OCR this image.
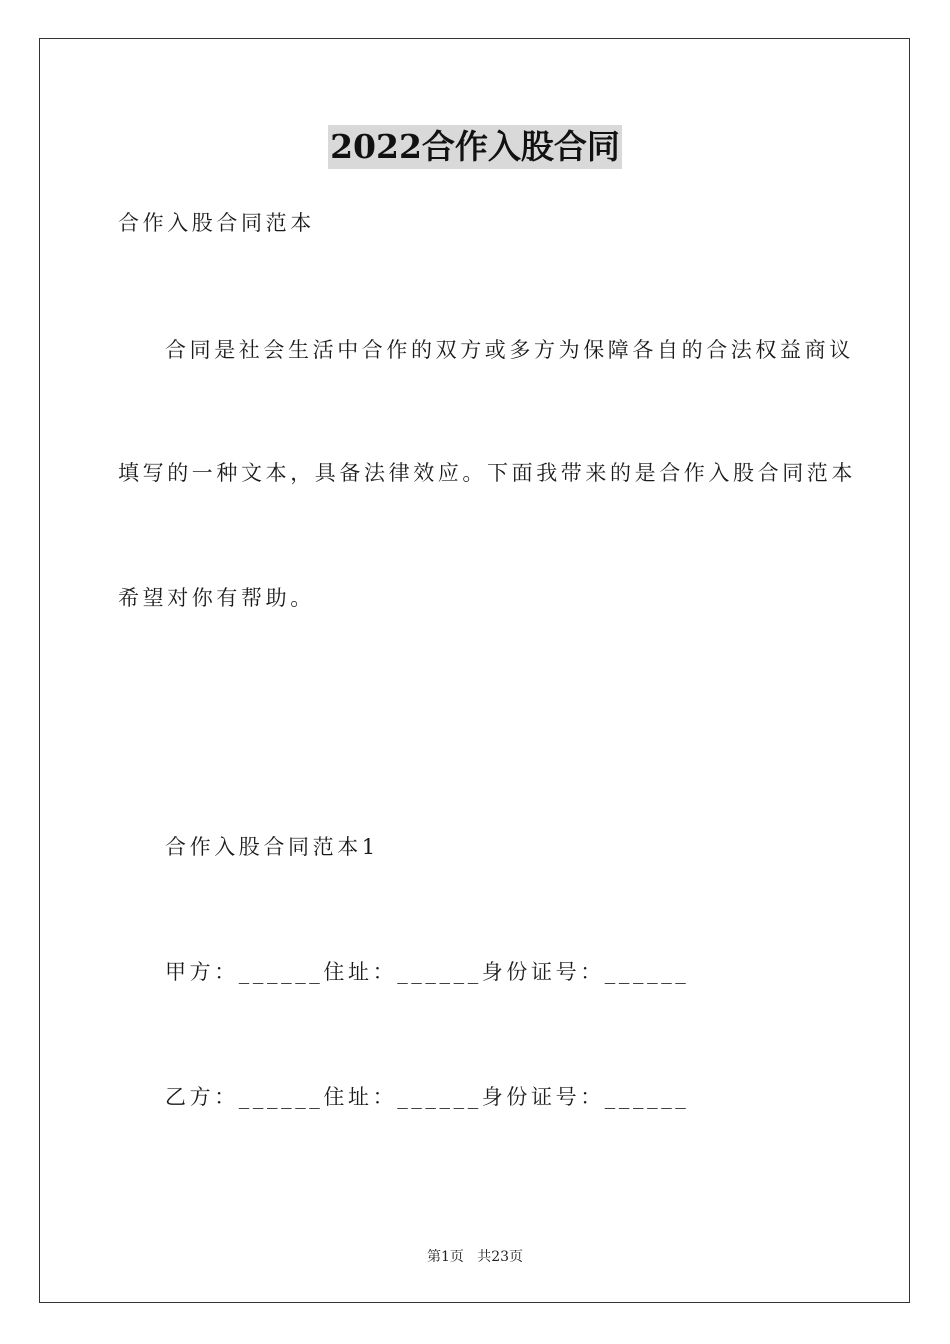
2022合作入股合同
合作入股合同范本
合同是社会生活中合作的双方或多方为保障各自的合法权益商议
填写的一种文本，具备法律效应。下面我带来的是合作入股合同范本
希望对你有帮助。
合作入股合同范本1
甲方：______住址：______身份证号：______
乙方：______住址：______身份证号：______
第1页   共23页
